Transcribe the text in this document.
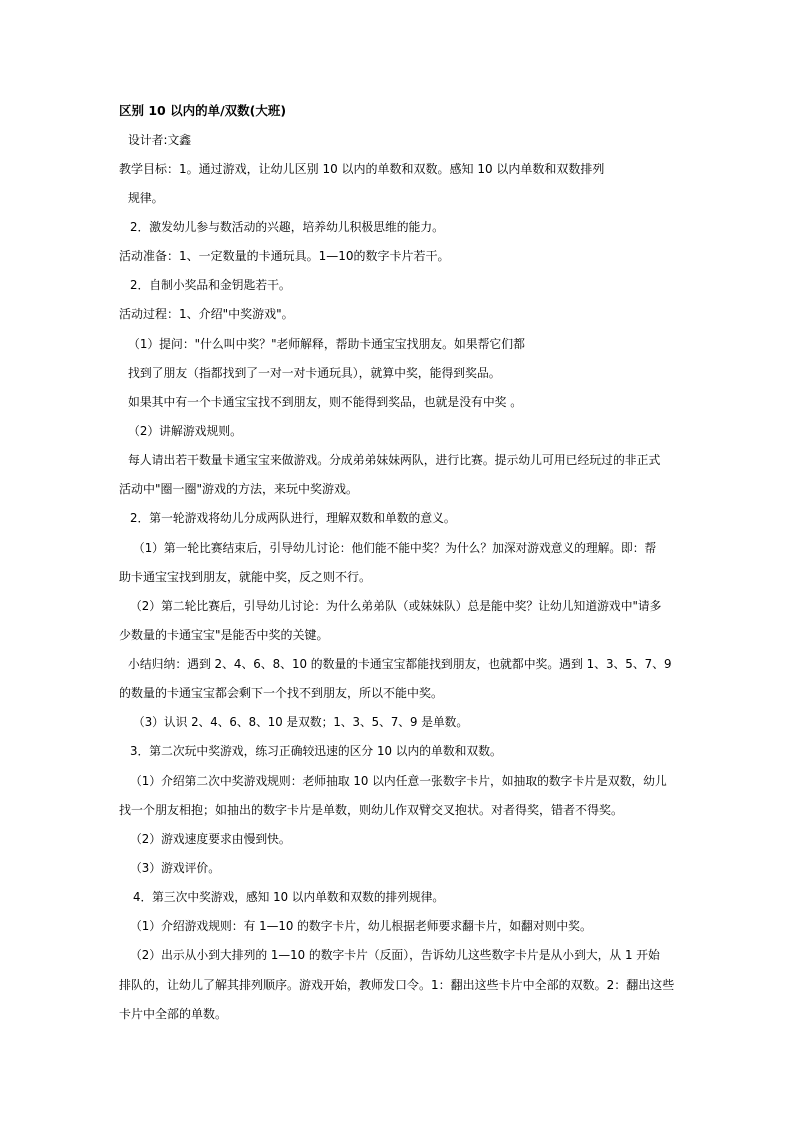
区别 10 以内的单/双数(大班)
设计者:文鑫
教学目标：1。通过游戏，让幼儿区别 10 以内的单数和双数。感知 10 以内单数和双数排列
规律。
2．激发幼儿参与数活动的兴趣，培养幼儿积极思维的能力。
活动准备：1、一定数量的卡通玩具。1—10的数字卡片若干。
2．自制小奖品和金钥匙若干。
活动过程：1、介绍"中奖游戏"。
（1）提问："什么叫中奖？"老师解释，帮助卡通宝宝找朋友。如果帮它们都
找到了朋友（指都找到了一对一对卡通玩具），就算中奖，能得到奖品。
如果其中有一个卡通宝宝找不到朋友，则不能得到奖品，也就是没有中奖 。
（2）讲解游戏规则。
每人请出若干数量卡通宝宝来做游戏。分成弟弟妹妹两队，进行比赛。提示幼儿可用已经玩过的非正式
活动中"圈一圈"游戏的方法，来玩中奖游戏。
2．第一轮游戏将幼儿分成两队进行，理解双数和单数的意义。
（1）第一轮比赛结束后，引导幼儿讨论：他们能不能中奖？为什么？加深对游戏意义的理解。即：帮
助卡通宝宝找到朋友，就能中奖，反之则不行。
（2）第二轮比赛后，引导幼儿讨论：为什么弟弟队（或妹妹队）总是能中奖？让幼儿知道游戏中"请多
少数量的卡通宝宝"是能否中奖的关键。
小结归纳：遇到 2、4、6、8、10 的数量的卡通宝宝都能找到朋友，也就都中奖。遇到 1、3、5、7、9
的数量的卡通宝宝都会剩下一个找不到朋友，所以不能中奖。
（3）认识 2、4、6、8、10 是双数；1、3、5、7、9 是单数。
3．第二次玩中奖游戏，练习正确较迅速的区分 10 以内的单数和双数。
（1）介绍第二次中奖游戏规则：老师抽取 10 以内任意一张数字卡片，如抽取的数字卡片是双数，幼儿
找一个朋友相抱；如抽出的数字卡片是单数，则幼儿作双臂交叉抱状。对者得奖，错者不得奖。
（2）游戏速度要求由慢到快。
（3）游戏评价。
4．第三次中奖游戏，感知 10 以内单数和双数的排列规律。
（1）介绍游戏规则：有 1—10 的数字卡片，幼儿根据老师要求翻卡片，如翻对则中奖。
（2）出示从小到大排列的 1—10 的数字卡片（反面），告诉幼儿这些数字卡片是从小到大，从 1 开始
排队的，让幼儿了解其排列顺序。游戏开始，教师发口令。1：翻出这些卡片中全部的双数。2：翻出这些
卡片中全部的单数。
